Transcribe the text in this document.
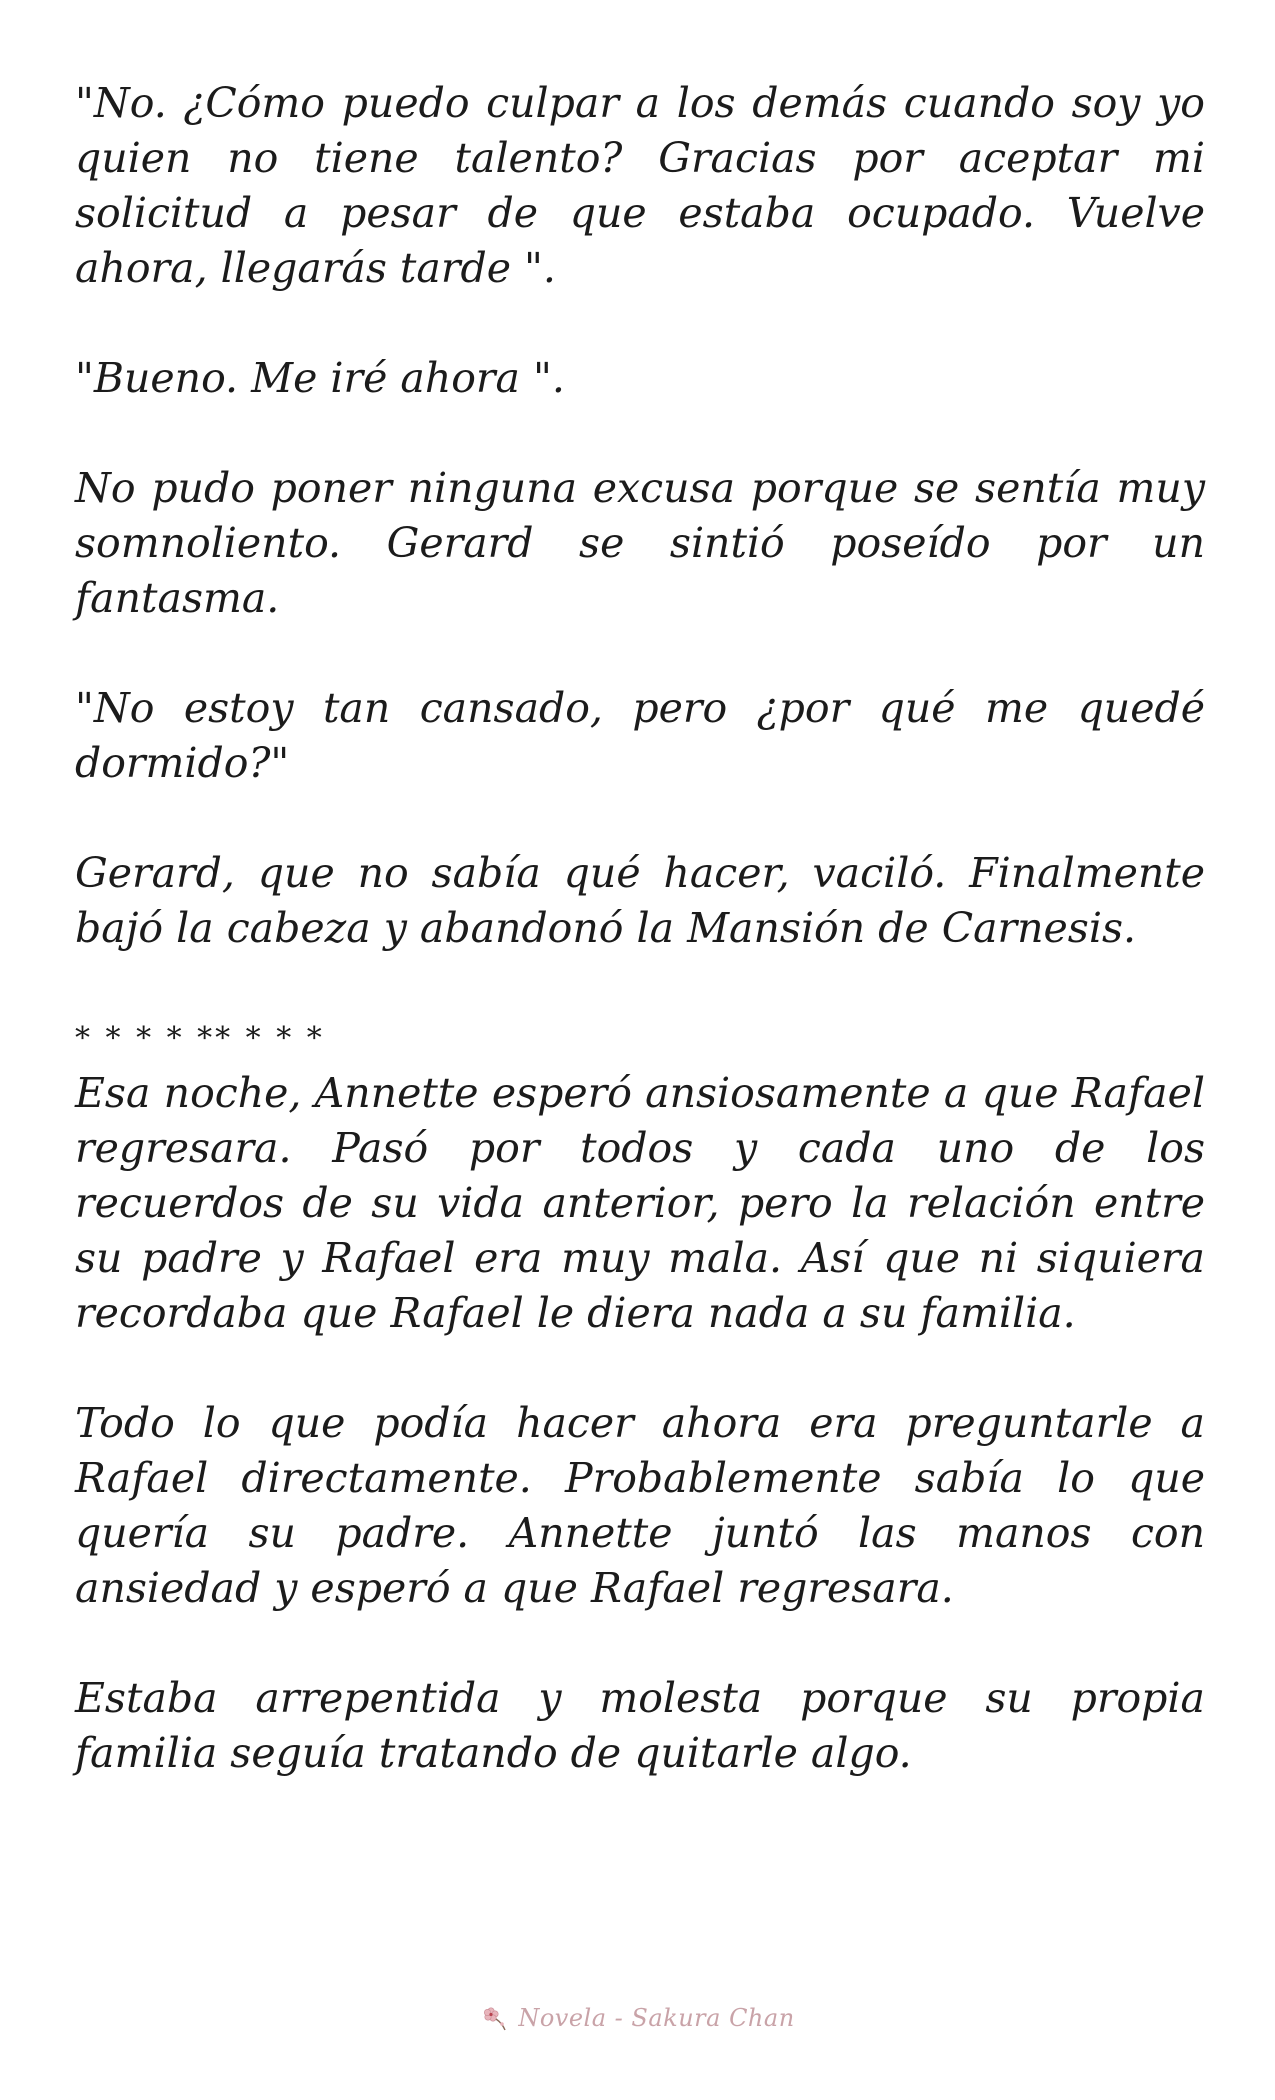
"No. ¿Cómo puedo culpar a los demás cuando soy yo quien no tiene talento? Gracias por aceptar mi solicitud a pesar de que estaba ocupado. Vuelve ahora, llegarás tarde ".

"Bueno. Me iré ahora ".

No pudo poner ninguna excusa porque se sentía muy somnoliento. Gerard se sintió poseído por un fantasma.

"No estoy tan cansado, pero ¿por qué me quedé dormido?"

Gerard, que no sabía qué hacer, vaciló. Finalmente bajó la cabeza y abandonó la Mansión de Carnesis.

* * * * ** * * *

Esa noche, Annette esperó ansiosamente a que Rafael regresara. Pasó por todos y cada uno de los recuerdos de su vida anterior, pero la relación entre su padre y Rafael era muy mala. Así que ni siquiera recordaba que Rafael le diera nada a su familia.

Todo lo que podía hacer ahora era preguntarle a Rafael directamente. Probablemente sabía lo que quería su padre. Annette juntó las manos con ansiedad y esperó a que Rafael regresara.

Estaba arrepentida y molesta porque su propia familia seguía tratando de quitarle algo.

Novela - Sakura Chan
